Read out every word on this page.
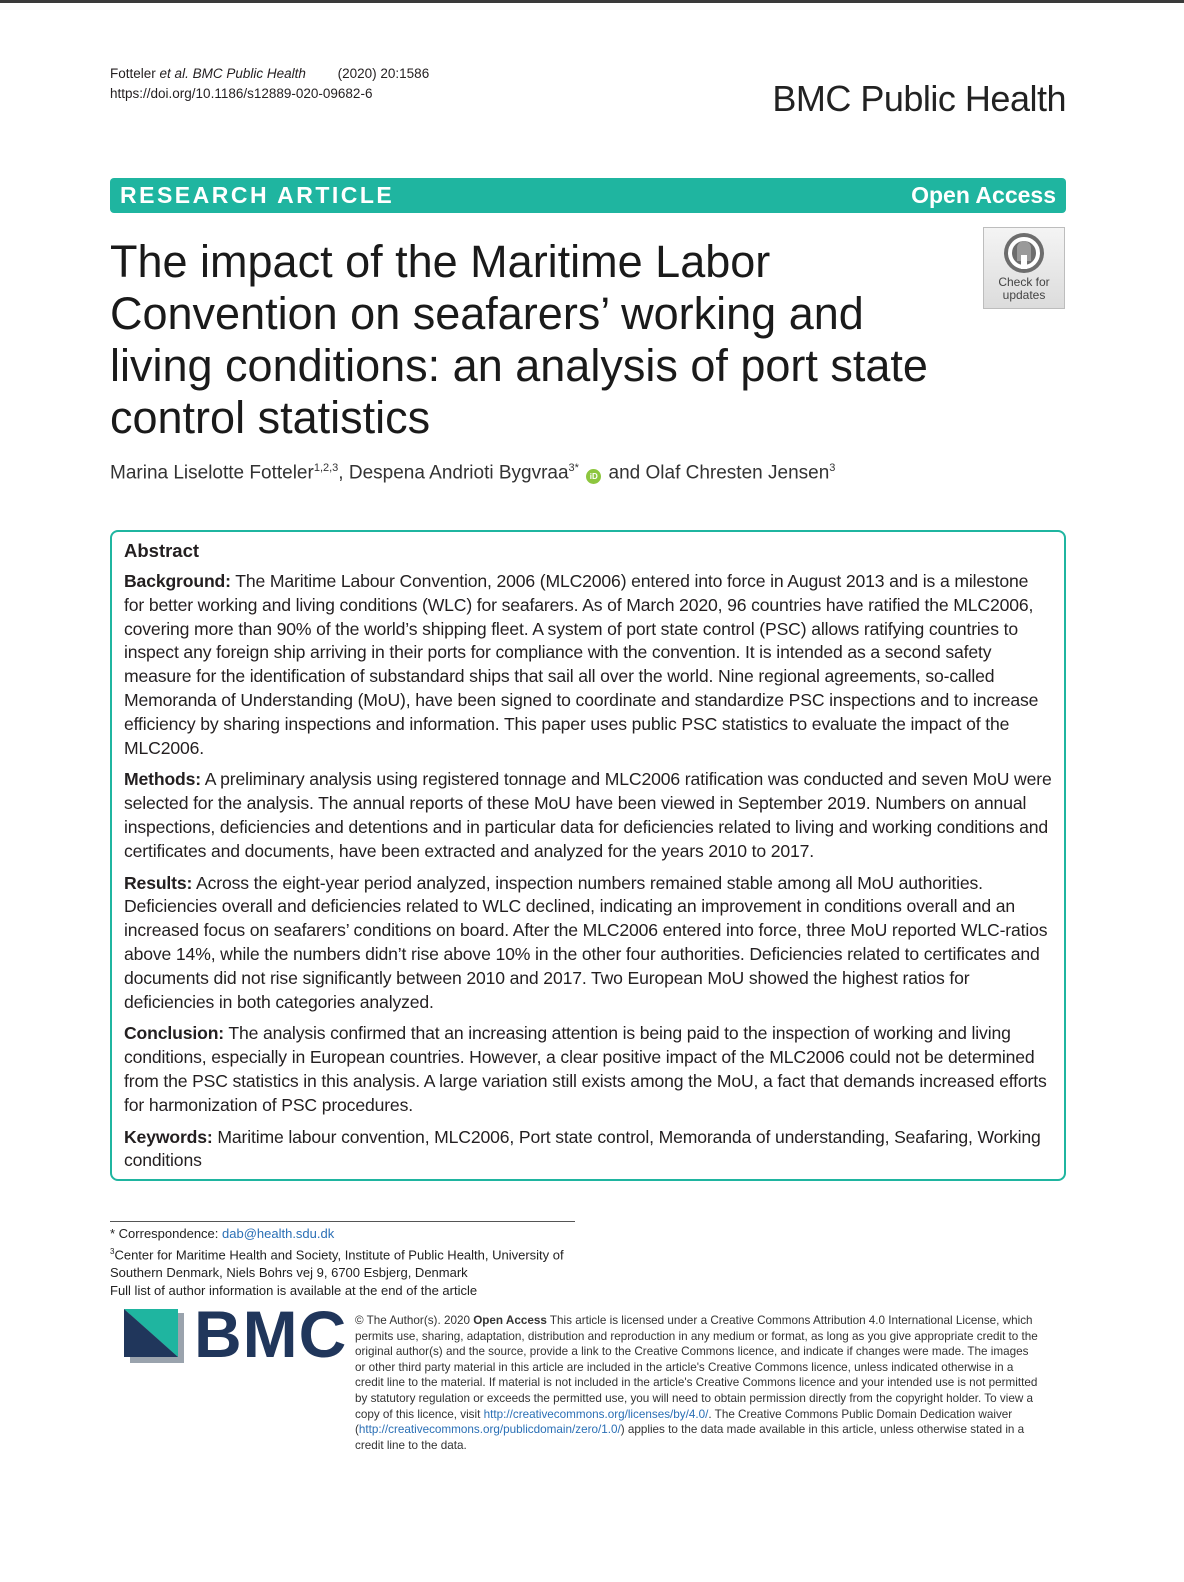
Fotteler et al. BMC Public Health (2020) 20:1586
https://doi.org/10.1186/s12889-020-09682-6	BMC Public Health
RESEARCH ARTICLE	Open Access
The impact of the Maritime Labor Convention on seafarers’ working and living conditions: an analysis of port state control statistics
Check for
updates
Marina Liselotte Fotteler$^{1,2,3}$, Despena Andrioti Bygvraa$^{3*}$ iD and Olaf Chresten Jensen$^3$
Abstract

Background: The Maritime Labour Convention, 2006 (MLC2006) entered into force in August 2013 and is a milestone for better working and living conditions (WLC) for seafarers. As of March 2020, 96 countries have ratified the MLC2006, covering more than 90% of the world’s shipping fleet. A system of port state control (PSC) allows ratifying countries to inspect any foreign ship arriving in their ports for compliance with the convention. It is intended as a second safety measure for the identification of substandard ships that sail all over the world. Nine regional agreements, so-called Memoranda of Understanding (MoU), have been signed to coordinate and standardize PSC inspections and to increase efficiency by sharing inspections and information. This paper uses public PSC statistics to evaluate the impact of the MLC2006.

Methods: A preliminary analysis using registered tonnage and MLC2006 ratification was conducted and seven MoU were selected for the analysis. The annual reports of these MoU have been viewed in September 2019. Numbers on annual inspections, deficiencies and detentions and in particular data for deficiencies related to living and working conditions and certificates and documents, have been extracted and analyzed for the years 2010 to 2017.

Results: Across the eight-year period analyzed, inspection numbers remained stable among all MoU authorities. Deficiencies overall and deficiencies related to WLC declined, indicating an improvement in conditions overall and an increased focus on seafarers’ conditions on board. After the MLC2006 entered into force, three MoU reported WLC-ratios above 14%, while the numbers didn’t rise above 10% in the other four authorities. Deficiencies related to certificates and documents did not rise significantly between 2010 and 2017. Two European MoU showed the highest ratios for deficiencies in both categories analyzed.

Conclusion: The analysis confirmed that an increasing attention is being paid to the inspection of working and living conditions, especially in European countries. However, a clear positive impact of the MLC2006 could not be determined from the PSC statistics in this analysis. A large variation still exists among the MoU, a fact that demands increased efforts for harmonization of PSC procedures.

Keywords: Maritime labour convention, MLC2006, Port state control, Memoranda of understanding, Seafaring, Working conditions

* Correspondence: dab@health.sdu.dk
$^3$Center for Maritime Health and Society, Institute of Public Health, University of Southern Denmark, Niels Bohrs vej 9, 6700 Esbjerg, Denmark
Full list of author information is available at the end of the article
BMC © The Author(s). 2020 Open Access This article is licensed under a Creative Commons Attribution 4.0 International License, which permits use, sharing, adaptation, distribution and reproduction in any medium or format, as long as you give appropriate credit to the original author(s) and the source, provide a link to the Creative Commons licence, and indicate if changes were made. The images or other third party material in this article are included in the article's Creative Commons licence, unless indicated otherwise in a credit line to the material. If material is not included in the article's Creative Commons licence and your intended use is not permitted by statutory regulation or exceeds the permitted use, you will need to obtain permission directly from the copyright holder. To view a copy of this licence, visit http://creativecommons.org/licenses/by/4.0/. The Creative Commons Public Domain Dedication waiver (http://creativecommons.org/publicdomain/zero/1.0/) applies to the data made available in this article, unless otherwise stated in a credit line to the data.
